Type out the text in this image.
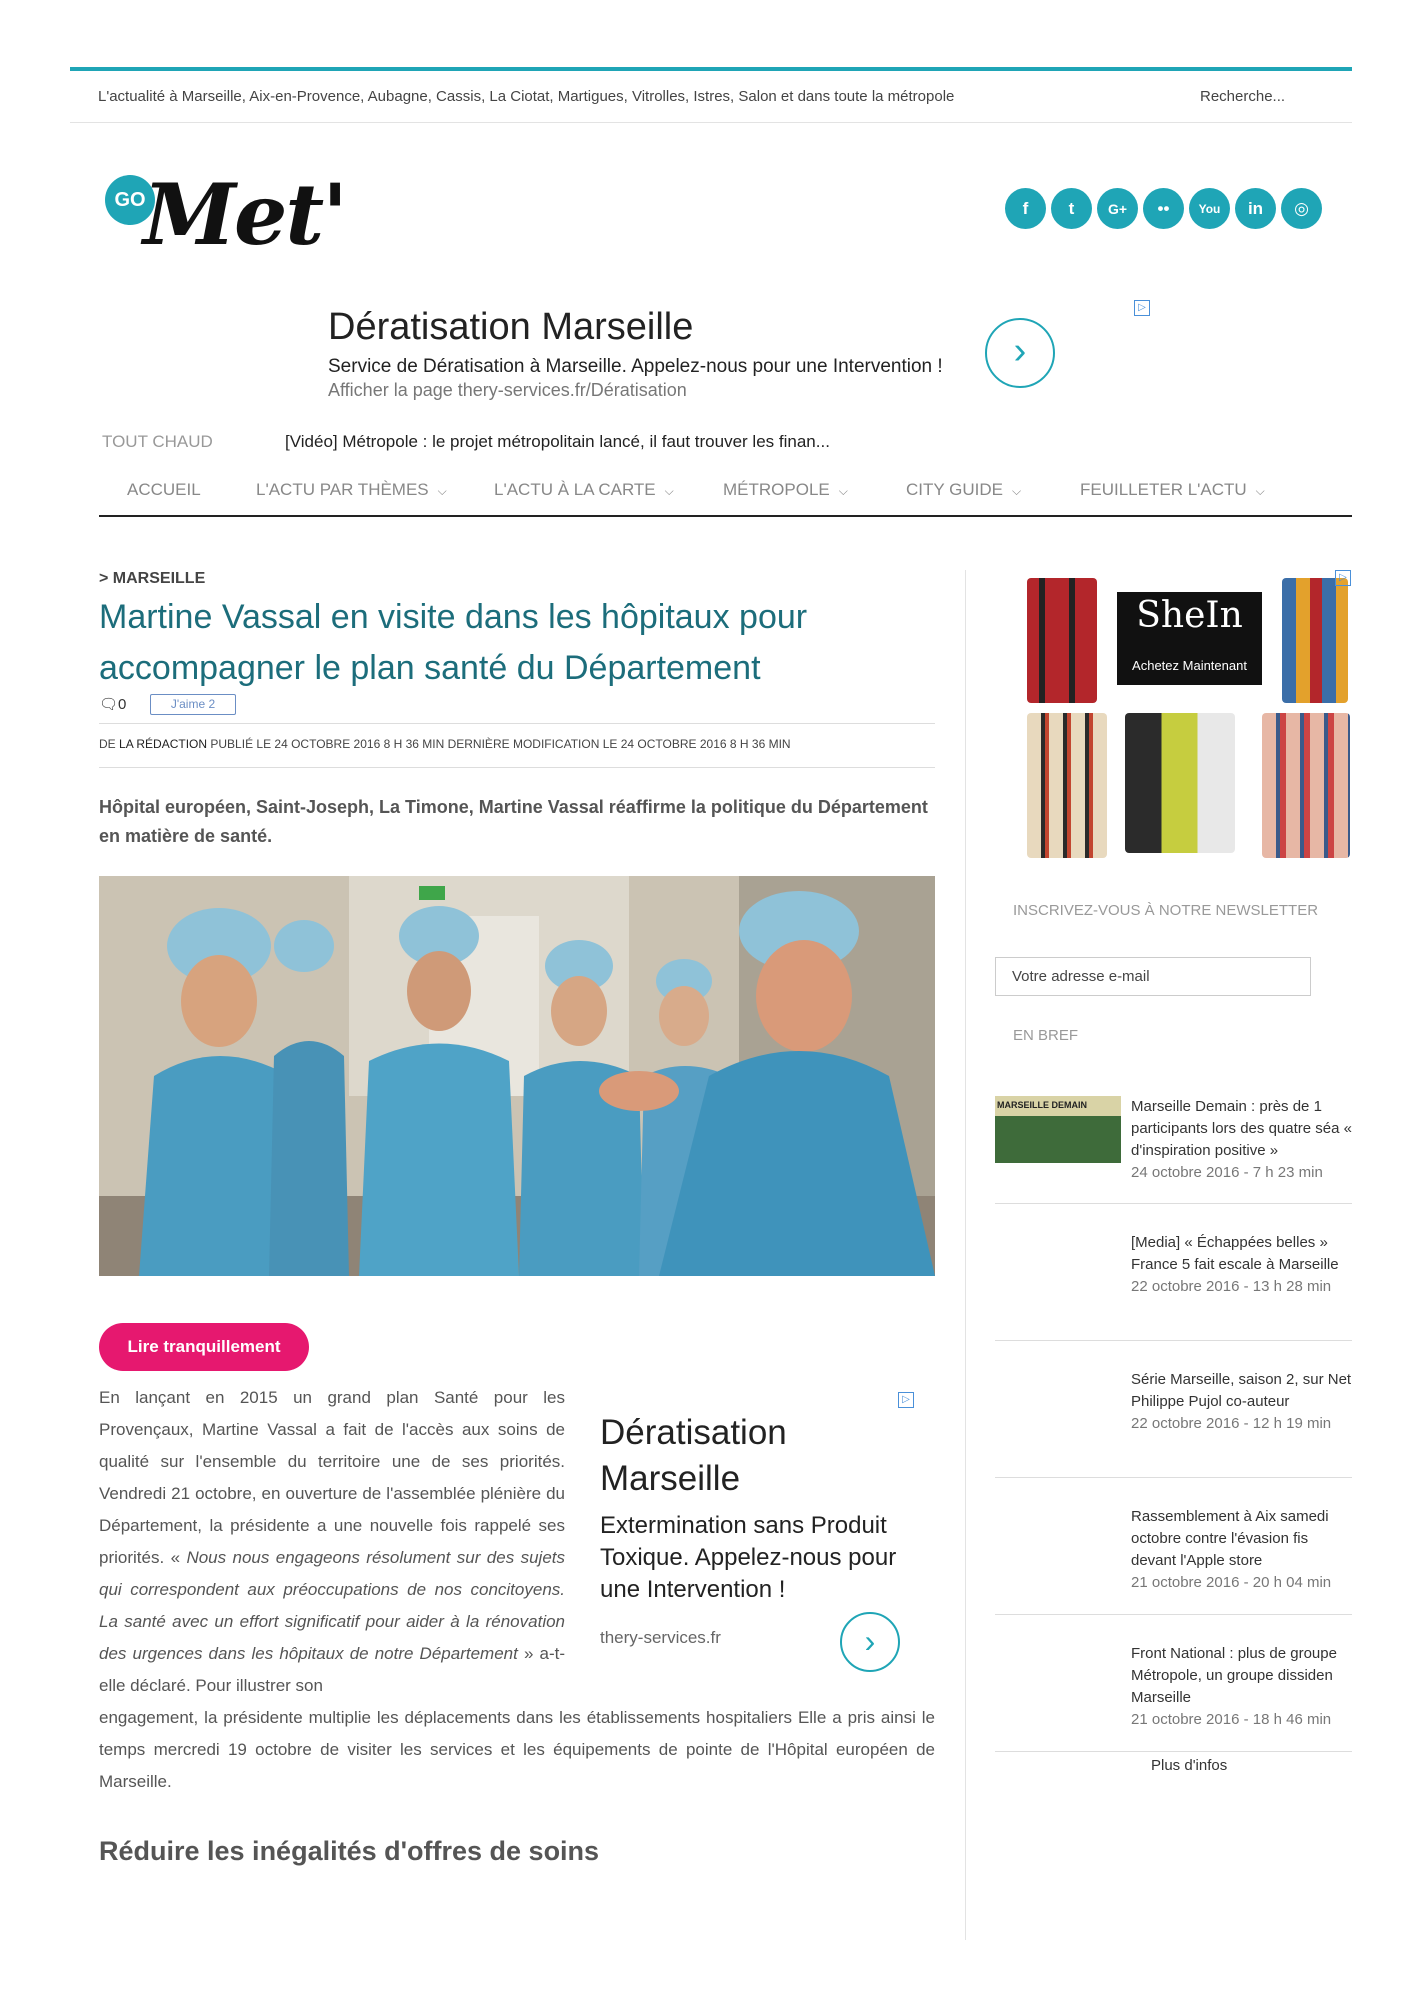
L'actualité à Marseille, Aix-en-Provence, Aubagne, Cassis, La Ciotat, Martigues, Vitrolles, Istres, Salon et dans toute la métropole	Recherche...
GO
Met'	f	t	G+	••	You	in	◎
Dératisation Marseille
Service de Dératisation à Marseille. Appelez-nous pour une Intervention !
Afficher la page thery-services.fr/Dératisation
›
▷
TOUT CHAUD	[Vidéo] Métropole : le projet métropolitain lancé, il faut trouver les finan...
ACCUEIL	L'ACTU PAR THÈMES ⌵	L'ACTU À LA CARTE ⌵	MÉTROPOLE ⌵	CITY GUIDE ⌵	FEUILLETER L'ACTU ⌵
> MARSEILLE
Martine Vassal en visite dans les hôpitaux pour accompagner le plan santé du Département
🗨0	J'aime 2
DE LA RÉDACTION PUBLIÉ LE 24 OCTOBRE 2016 8 H 36 MIN DERNIÈRE MODIFICATION LE 24 OCTOBRE 2016 8 H 36 MIN

Hôpital européen, Saint-Joseph, La Timone, Martine Vassal réaffirme la politique du Département en matière de santé.

Lire tranquillement

En lançant en 2015 un grand plan Santé pour les Provençaux, Martine Vassal a fait de l'accès aux soins de qualité sur l'ensemble du territoire une de ses priorités. Vendredi 21 octobre, en ouverture de l'assemblée plénière du Département, la présidente a une nouvelle fois rappelé ses priorités. « Nous nous engageons résolument sur des sujets qui correspondent aux préoccupations de nos concitoyens. La santé avec un effort significatif pour aider à la rénovation des urgences dans les hôpitaux de notre Département » a-t-elle déclaré. Pour illustrer son

engagement, la présidente multiplie les déplacements dans les établissements hospitaliers Elle a pris ainsi le temps mercredi 19 octobre de visiter les services et les équipements de pointe de l'Hôpital européen de Marseille.

Dératisation Marseille
Extermination sans Produit Toxique. Appelez-nous pour une Intervention !
thery-services.fr	›
▷
Réduire les inégalités d'offres de soins
SheIn
Achetez Maintenant
▷
INSCRIVEZ-VOUS À NOTRE NEWSLETTER
Votre adresse e-mail
EN BREF
MARSEILLE DEMAIN	Marseille Demain : près de 1 participants lors des quatre séa « d'inspiration positive »
24 octobre 2016 - 7 h 23 min
[Media] « Échappées belles » France 5 fait escale à Marseille
22 octobre 2016 - 13 h 28 min
Série Marseille, saison 2, sur Net Philippe Pujol co-auteur
22 octobre 2016 - 12 h 19 min
Rassemblement à Aix samedi octobre contre l'évasion fis devant l'Apple store
21 octobre 2016 - 20 h 04 min
Front National : plus de groupe Métropole, un groupe dissiden Marseille
21 octobre 2016 - 18 h 46 min
Plus d'infos
